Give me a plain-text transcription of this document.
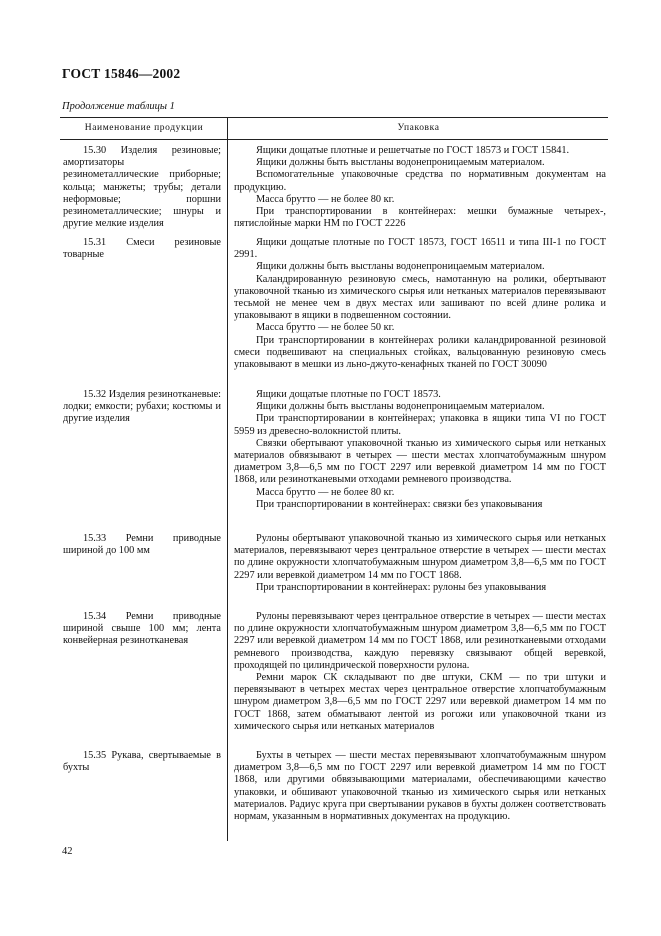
ГОСТ 15846—2002
Продолжение таблицы 1
Наименование продукции	Упаковка

15.30 Изделия резиновые; амортизаторы резинометаллические приборные; кольца; манжеты; трубы; детали неформовые; поршни резинометаллические; шнуры и другие мелкие изделия

Ящики дощатые плотные и решетчатые по ГОСТ 18573 и ГОСТ 15841.

Ящики должны быть выстланы водонепроницаемым материалом.

Вспомогательные упаковочные средства по нормативным документам на продукцию.

Масса брутто — не более 80 кг.

При транспортировании в контейнерах: мешки бумажные четырех-, пятислойные марки НМ по ГОСТ 2226

15.31 Смеси резиновые товарные

Ящики дощатые плотные по ГОСТ 18573, ГОСТ 16511 и типа III-1 по ГОСТ 2991.

Ящики должны быть выстланы водонепроницаемым материалом.

Каландрированную резиновую смесь, намотанную на ролики, обертывают упаковочной тканью из химического сырья или нетканых материалов перевязывают тесьмой не менее чем в двух местах или зашивают по всей длине ролика и упаковывают в ящики в подвешенном состоянии.

Масса брутто — не более 50 кг.

При транспортировании в контейнерах ролики каландрированной резиновой смеси подвешивают на специальных стойках, вальцованную резиновую смесь упаковывают в мешки из льно-джуто-кенафных тканей по ГОСТ 30090

15.32 Изделия резинотканевые: лодки; емкости; рубахи; костюмы и другие изделия

Ящики дощатые плотные по ГОСТ 18573.

Ящики должны быть выстланы водонепроницаемым материалом.

При транспортировании в контейнерах; упаковка в ящики типа VI по ГОСТ 5959 из древесно-волокнистой плиты.

Связки обертывают упаковочной тканью из химического сырья или нетканых материалов обвязывают в четырех — шести местах хлопчатобумажным шнуром диаметром 3,8—6,5 мм по ГОСТ 2297 или веревкой диаметром 14 мм по ГОСТ 1868, или резинотканевыми отходами ремневого производства.

Масса брутто — не более 80 кг.

При транспортировании в контейнерах: связки без упаковывания

15.33 Ремни приводные шириной до 100 мм

Рулоны обертывают упаковочной тканью из химического сырья или нетканых материалов, перевязывают через центральное отверстие в четырех — шести местах по длине окружности хлопчатобумажным шнуром диаметром 3,8—6,5 мм по ГОСТ 2297 или веревкой диаметром 14 мм по ГОСТ 1868.

При транспортировании в контейнерах: рулоны без упаковывания

15.34 Ремни приводные шириной свыше 100 мм; лента конвейерная резинотканевая

Рулоны перевязывают через центральное отверстие в четырех — шести местах по длине окружности хлопчатобумажным шнуром диаметром 3,8—6,5 мм по ГОСТ 2297 или веревкой диаметром 14 мм по ГОСТ 1868, или резинотканевыми отходами ремневого производства, каждую перевязку связывают общей веревкой, проходящей по цилиндрической поверхности рулона.

Ремни марок СК складывают по две штуки, СКМ — по три штуки и перевязывают в четырех местах через центральное отверстие хлопчатобумажным шнуром диаметром 3,8—6,5 мм по ГОСТ 2297 или веревкой диаметром 14 мм по ГОСТ 1868, затем обматывают лентой из рогожи или упаковочной ткани из химического сырья или нетканых материалов

15.35 Рукава, свертываемые в бухты

Бухты в четырех — шести местах перевязывают хлопчатобумажным шнуром диаметром 3,8—6,5 мм по ГОСТ 2297 или веревкой диаметром 14 мм по ГОСТ 1868, или другими обвязывающими материалами, обеспечивающими качество упаковки, и обшивают упаковочной тканью из химического сырья или нетканых материалов. Радиус круга при свертывании рукавов в бухты должен соответствовать нормам, указанным в нормативных документах на продукцию.

42
